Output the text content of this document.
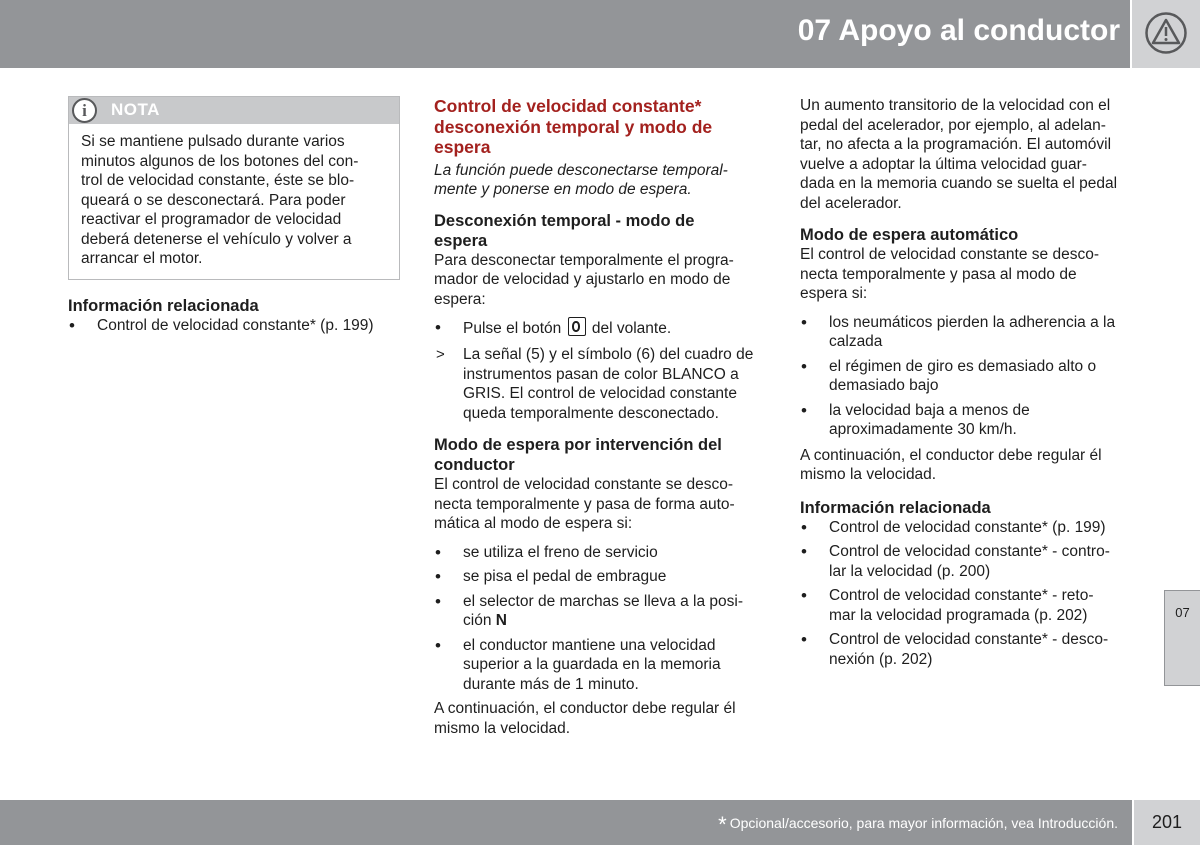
07 Apoyo al conductor
i	NOTA
Si se mantiene pulsado durante varios
minutos algunos de los botones del con-
trol de velocidad constante, éste se blo-
queará o se desconectará. Para poder
reactivar el programador de velocidad
deberá detenerse el vehículo y volver a
arrancar el motor.
Información relacionada
• Control de velocidad constante* (p. 199)
Control de velocidad constante*
desconexión temporal y modo de
espera
La función puede desconectarse temporal-
mente y ponerse en modo de espera.
Desconexión temporal - modo de
espera
Para desconectar temporalmente el progra-
mador de velocidad y ajustarlo en modo de
espera:
• Pulse el botón del volante.
> La señal (5) y el símbolo (6) del cuadro de
instrumentos pasan de color BLANCO a
GRIS. El control de velocidad constante
queda temporalmente desconectado.
Modo de espera por intervención del
conductor
El control de velocidad constante se desco-
necta temporalmente y pasa de forma auto-
mática al modo de espera si:
• se utiliza el freno de servicio
• se pisa el pedal de embrague
• el selector de marchas se lleva a la posi-
ción N
• el conductor mantiene una velocidad
superior a la guardada en la memoria
durante más de 1 minuto.
A continuación, el conductor debe regular él
mismo la velocidad.
Un aumento transitorio de la velocidad con el
pedal del acelerador, por ejemplo, al adelan-
tar, no afecta a la programación. El automóvil
vuelve a adoptar la última velocidad guar-
dada en la memoria cuando se suelta el pedal
del acelerador.
Modo de espera automático
El control de velocidad constante se desco-
necta temporalmente y pasa al modo de
espera si:
• los neumáticos pierden la adherencia a la
calzada
• el régimen de giro es demasiado alto o
demasiado bajo
• la velocidad baja a menos de
aproximadamente 30 km/h.
A continuación, el conductor debe regular él
mismo la velocidad.
Información relacionada
• Control de velocidad constante* (p. 199)
• Control de velocidad constante* - contro-
lar la velocidad (p. 200)
• Control de velocidad constante* - reto-
mar la velocidad programada (p. 202)
• Control de velocidad constante* - desco-
nexión (p. 202)
07
* Opcional/accesorio, para mayor información, vea Introducción.	201
